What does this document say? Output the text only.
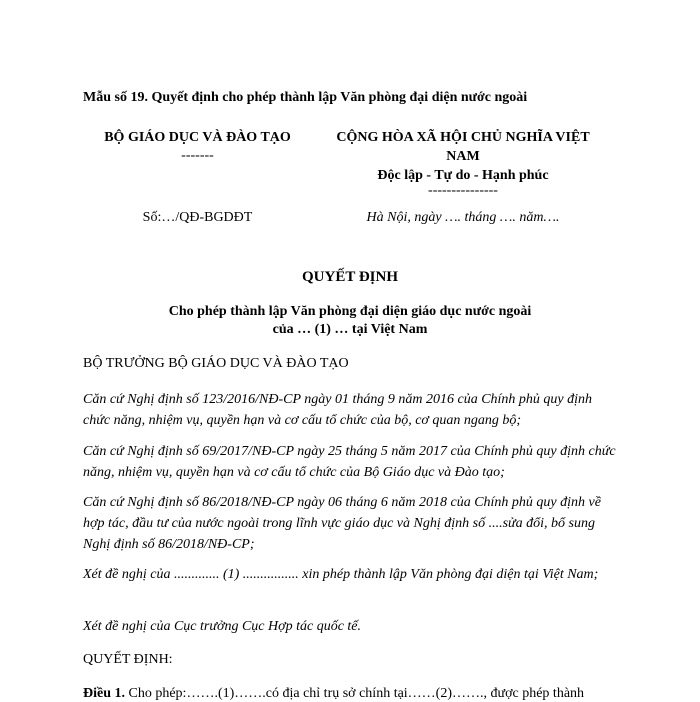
Mẫu số 19. Quyết định cho phép thành lập Văn phòng đại diện nước ngoài
BỘ GIÁO DỤC VÀ ĐÀO TẠO
-------
Số:…/QĐ-BGDĐT
CỘNG HÒA XÃ HỘI CHỦ NGHĨA VIỆT
NAM
Độc lập - Tự do - Hạnh phúc
---------------
Hà Nội, ngày …. tháng …. năm….
QUYẾT ĐỊNH
Cho phép thành lập Văn phòng đại diện giáo dục nước ngoài
của … (1) … tại Việt Nam
BỘ TRƯỞNG BỘ GIÁO DỤC VÀ ĐÀO TẠO
Căn cứ Nghị định số 123/2016/NĐ-CP ngày 01 tháng 9 năm 2016 của Chính phủ quy định chức năng, nhiệm vụ, quyền hạn và cơ cấu tổ chức của bộ, cơ quan ngang bộ;
Căn cứ Nghị định số 69/2017/NĐ-CP ngày 25 tháng 5 năm 2017 của Chính phủ quy định chức năng, nhiệm vụ, quyền hạn và cơ cấu tổ chức của Bộ Giáo dục và Đào tạo;
Căn cứ Nghị định số 86/2018/NĐ-CP ngày 06 tháng 6 năm 2018 của Chính phủ quy định về hợp tác, đầu tư của nước ngoài trong lĩnh vực giáo dục và Nghị định số ....sửa đổi, bổ sung Nghị định số 86/2018/NĐ-CP;
Xét đề nghị của ............. (1) ................ xin phép thành lập Văn phòng đại diện tại Việt Nam;
Xét đề nghị của Cục trưởng Cục Hợp tác quốc tế.
QUYẾT ĐỊNH:
Điều 1. Cho phép:…….(1)…….có địa chỉ trụ sở chính tại……(2)……., được phép thành
